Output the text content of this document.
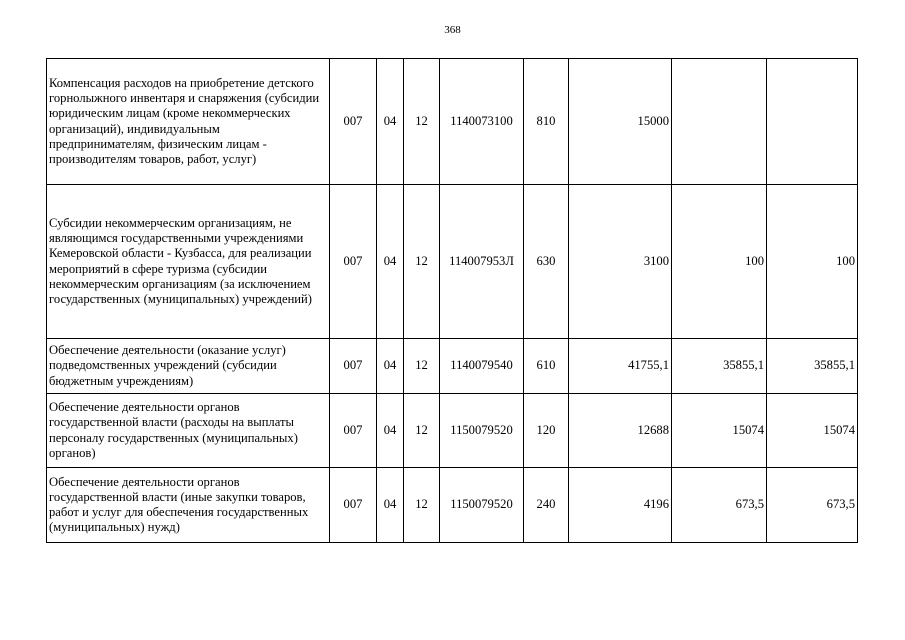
368
Компенсация расходов на приобретение детского горнолыжного инвентаря и снаряжения (субсидии юридическим лицам (кроме некоммерческих организаций), индивидуальным предпринимателям, физическим лицам - производителям товаров, работ, услуг)	007	04	12	1140073100	810	15000		
Субсидии некоммерческим организациям, не являющимся государственными учреждениями Кемеровской области - Кузбасса, для реализации мероприятий в сфере туризма (субсидии некоммерческим организациям (за исключением государственных (муниципальных) учреждений)	007	04	12	114007953Л	630	3100	100	100
Обеспечение деятельности (оказание услуг) подведомственных учреждений (субсидии бюджетным учреждениям)	007	04	12	1140079540	610	41755,1	35855,1	35855,1
Обеспечение деятельности органов государственной власти (расходы на выплаты персоналу государственных (муниципальных) органов)	007	04	12	1150079520	120	12688	15074	15074
Обеспечение деятельности органов государственной власти (иные закупки товаров, работ и услуг для обеспечения государственных (муниципальных) нужд)	007	04	12	1150079520	240	4196	673,5	673,5
